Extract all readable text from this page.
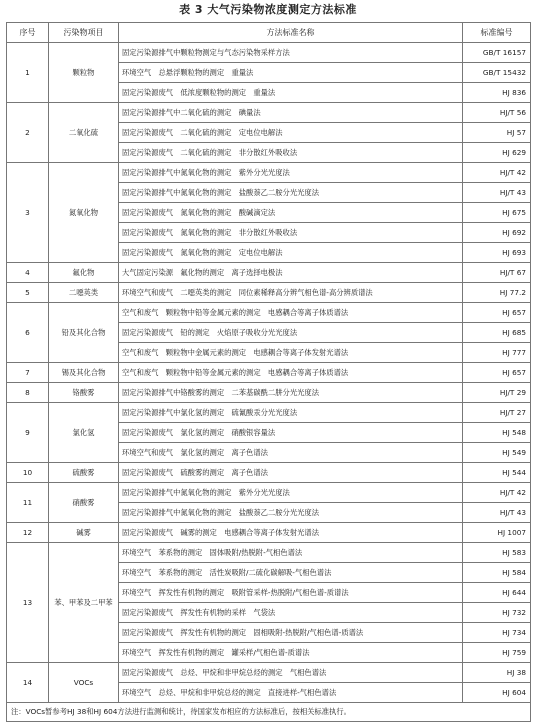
表 3 大气污染物浓度测定方法标准
序号	污染物项目	方法标准名称	标准编号
1	颗粒物	固定污染源排气中颗粒物测定与气态污染物采样方法	GB/T 16157
		环境空气　总悬浮颗粒物的测定　重量法	GB/T 15432
		固定污染源废气　低浓度颗粒物的测定　重量法	HJ 836
2	二氧化硫	固定污染源排气中二氧化硫的测定　碘量法	HJ/T 56
		固定污染源废气　二氧化硫的测定　定电位电解法	HJ 57
		固定污染源废气　二氧化硫的测定　非分散红外吸收法	HJ 629
3	氮氧化物	固定污染源排气中氮氧化物的测定　紫外分光光度法	HJ/T 42
		固定污染源排气中氮氧化物的测定　盐酸萘乙二胺分光光度法	HJ/T 43
		固定污染源废气　氮氧化物的测定　酸碱滴定法	HJ 675
		固定污染源废气　氮氧化物的测定　非分散红外吸收法	HJ 692
		固定污染源废气　氮氧化物的测定　定电位电解法	HJ 693
4	氟化物	大气固定污染源　氟化物的测定　离子选择电极法	HJ/T 67
5	二噁英类	环境空气和废气　二噁英类的测定　同位素稀释高分辨气相色谱-高分辨质谱法	HJ 77.2
6	铅及其化合物	空气和废气　颗粒物中铅等金属元素的测定　电感耦合等离子体质谱法	HJ 657
		固定污染源废气　铅的测定　火焰原子吸收分光光度法	HJ 685
		空气和废气　颗粒物中金属元素的测定　电感耦合等离子体发射光谱法	HJ 777
7	锡及其化合物	空气和废气　颗粒物中铅等金属元素的测定　电感耦合等离子体质谱法	HJ 657
8	铬酸雾	固定污染源排气中铬酸雾的测定　二苯基碳酰二肼分光光度法	HJ/T 29
9	氯化氢	固定污染源排气中氯化氢的测定　硫氰酸汞分光光度法	HJ/T 27
		固定污染源废气　氯化氢的测定　硝酸银容量法	HJ 548
		环境空气和废气　氯化氢的测定　离子色谱法	HJ 549
10	硫酸雾	固定污染源废气　硫酸雾的测定　离子色谱法	HJ 544
11	硝酸雾	固定污染源排气中氮氧化物的测定　紫外分光光度法	HJ/T 42
		固定污染源排气中氮氧化物的测定　盐酸萘乙二胺分光光度法	HJ/T 43
12	碱雾	固定污染源废气　碱雾的测定　电感耦合等离子体发射光谱法	HJ 1007
13	苯、甲苯及二甲苯	环境空气　苯系物的测定　固体吸附/热脱附-气相色谱法	HJ 583
		环境空气　苯系物的测定　活性炭吸附/二硫化碳解吸-气相色谱法	HJ 584
		环境空气　挥发性有机物的测定　吸附管采样-热脱附/气相色谱-质谱法	HJ 644
		固定污染源废气　挥发性有机物的采样　气袋法	HJ 732
		固定污染源废气　挥发性有机物的测定　固相吸附-热脱附/气相色谱-质谱法	HJ 734
		环境空气　挥发性有机物的测定　罐采样/气相色谱-质谱法	HJ 759
14	VOCs	固定污染源废气　总烃、甲烷和非甲烷总烃的测定　气相色谱法	HJ 38
		环境空气　总烃、甲烷和非甲烷总烃的测定　直接进样-气相色谱法	HJ 604
注：VOCs暂参考HJ 38和HJ 604方法进行监测和统计，待国家发布相应的方法标准后，按相关标准执行。			
